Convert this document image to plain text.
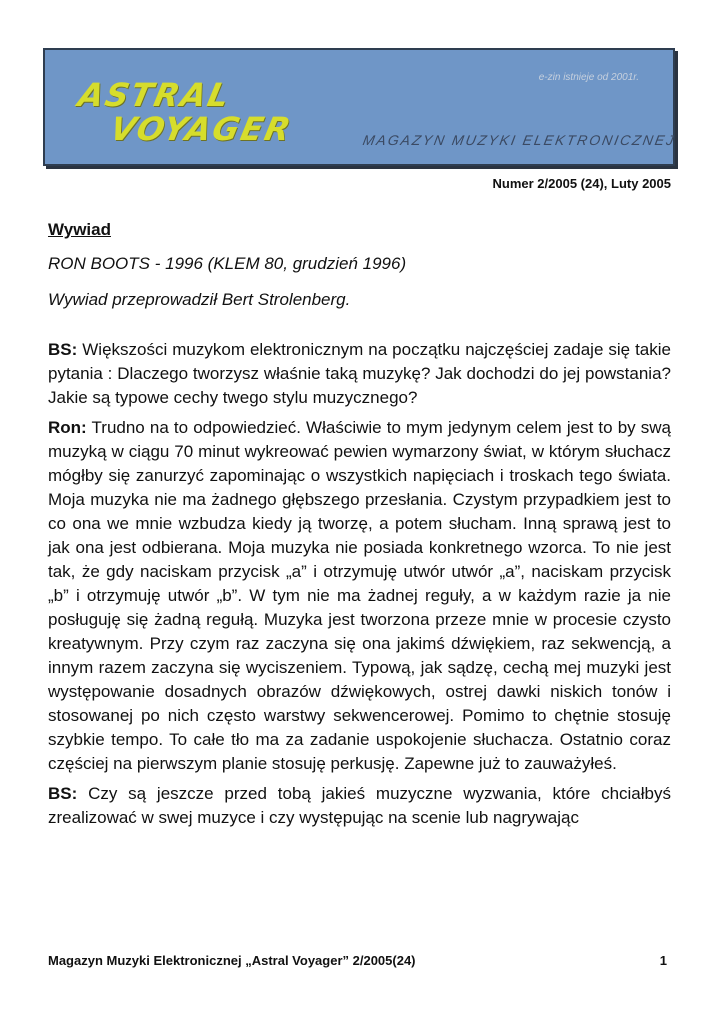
ASTRAL
VOYAGER
e-zin istnieje od 2001r.
MAGAZYN MUZYKI ELEKTRONICZNEJ
Numer 2/2005 (24), Luty 2005
Wywiad
RON BOOTS - 1996 (KLEM 80, grudzień 1996)
Wywiad przeprowadził Bert Strolenberg.

BS: Większości muzykom elektronicznym na początku najczęściej zadaje się takie pytania : Dlaczego tworzysz właśnie taką muzykę? Jak dochodzi do jej powstania? Jakie są typowe cechy twego stylu muzycznego?

Ron: Trudno na to odpowiedzieć. Właściwie to mym jedynym celem jest to by swą muzyką w ciągu 70 minut wykreować pewien wymarzony świat, w którym słuchacz mógłby się zanurzyć zapominając o wszystkich napięciach i troskach tego świata. Moja muzyka nie ma żadnego głębszego przesłania. Czystym przypadkiem jest to co ona we mnie wzbudza kiedy ją tworzę, a potem słucham. Inną sprawą jest to jak ona jest odbierana. Moja muzyka nie posiada konkretnego wzorca. To nie jest tak, że gdy naciskam przycisk „a” i otrzymuję utwór utwór „a”, naciskam przycisk „b” i otrzymuję utwór „b”. W tym nie ma żadnej reguły, a w każdym razie ja nie posługuję się żadną regułą. Muzyka jest tworzona przeze mnie w procesie czysto kreatywnym. Przy czym raz zaczyna się ona jakimś dźwiękiem, raz sekwencją, a innym razem zaczyna się wyciszeniem. Typową, jak sądzę, cechą mej muzyki jest występowanie dosadnych obrazów dźwiękowych, ostrej dawki niskich tonów i stosowanej po nich często warstwy sekwencerowej. Pomimo to chętnie stosuję szybkie tempo. To całe tło ma za zadanie uspokojenie słuchacza. Ostatnio coraz częściej na pierwszym planie stosuję perkusję. Zapewne już to zauważyłeś.

BS: Czy są jeszcze przed tobą jakieś muzyczne wyzwania, które chciałbyś zrealizować w swej muzyce i czy występując na scenie lub nagrywając

Magazyn Muzyki Elektronicznej „Astral Voyager” 2/2005(24)	1
